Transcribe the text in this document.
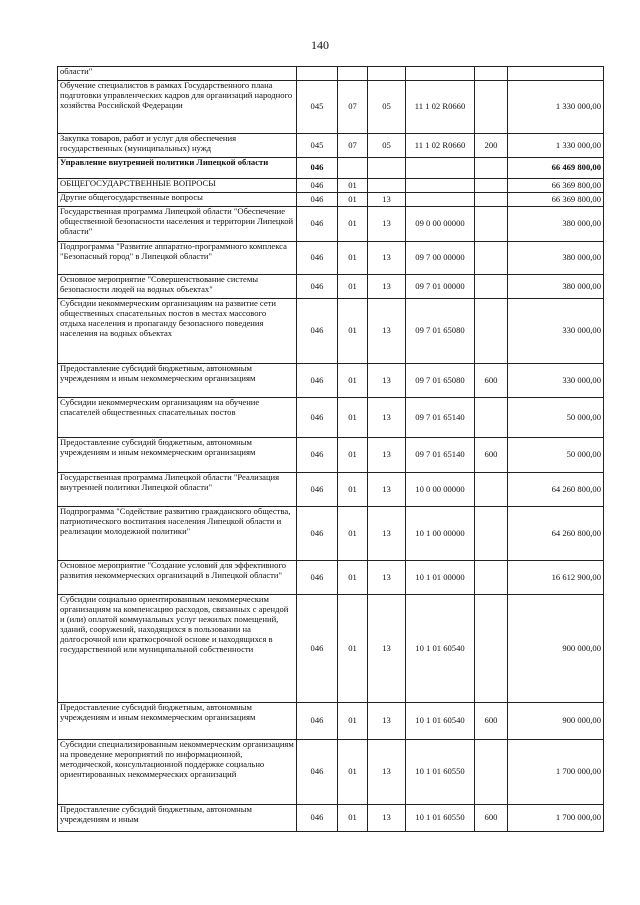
140
области"						
Обучение специалистов в рамках Государственного плана подготовки управленческих кадров для организаций народного хозяйства Российской Федерации	045	07	05	11 1 02 R0660		1 330 000,00
Закупка товаров, работ и услуг для обеспечения государственных (муниципальных) нужд	045	07	05	11 1 02 R0660	200	1 330 000,00
Управление внутренней политики Липецкой области	046					66 469 800,00
ОБЩЕГОСУДАРСТВЕННЫЕ ВОПРОСЫ	046	01				66 369 800,00
Другие общегосударственные вопросы	046	01	13			66 369 800,00
Государственная программа Липецкой области "Обеспечение общественной безопасности населения и территории Липецкой области"	046	01	13	09 0 00 00000		380 000,00
Подпрограмма "Развитие аппаратно-программного комплекса "Безопасный город" в Липецкой области"	046	01	13	09 7 00 00000		380 000,00
Основное мероприятие "Совершенствование системы безопасности людей на водных объектах"	046	01	13	09 7 01 00000		380 000,00
Субсидии некоммерческим организациям на развитие сети общественных спасательных постов в местах массового отдыха населения и пропаганду безопасного поведения населения на водных объектах	046	01	13	09 7 01 65080		330 000,00
Предоставление субсидий бюджетным, автономным учреждениям и иным некоммерческим организациям	046	01	13	09 7 01 65080	600	330 000,00
Субсидии некоммерческим организациям на обучение спасателей общественных спасательных постов	046	01	13	09 7 01 65140		50 000,00
Предоставление субсидий бюджетным, автономным учреждениям и иным некоммерческим организациям	046	01	13	09 7 01 65140	600	50 000,00
Государственная программа Липецкой области "Реализация внутренней политики Липецкой области"	046	01	13	10 0 00 00000		64 260 800,00
Подпрограмма "Содействие развитию гражданского общества, патриотического воспитания населения Липецкой области и реализации молодежной политики"	046	01	13	10 1 00 00000		64 260 800,00
Основное мероприятие "Создание условий для эффективного развития некоммерческих организаций в Липецкой области"	046	01	13	10 1 01 00000		16 612 900,00
Субсидии социально ориентированным некоммерческим организациям на компенсацию расходов, связанных с арендой и (или) оплатой коммунальных услуг нежилых помещений, зданий, сооружений, находящихся в пользовании на долгосрочной или краткосрочной основе и находящихся в государственной или муниципальной собственности	046	01	13	10 1 01 60540		900 000,00
Предоставление субсидий бюджетным, автономным учреждениям и иным некоммерческим организациям	046	01	13	10 1 01 60540	600	900 000,00
Субсидии специализированным некоммерческим организациям на проведение мероприятий по информационной, методической, консультационной поддержке социально ориентированных некоммерческих организаций	046	01	13	10 1 01 60550		1 700 000,00
Предоставление субсидий бюджетным, автономным учреждениям и иным	046	01	13	10 1 01 60550	600	1 700 000,00
